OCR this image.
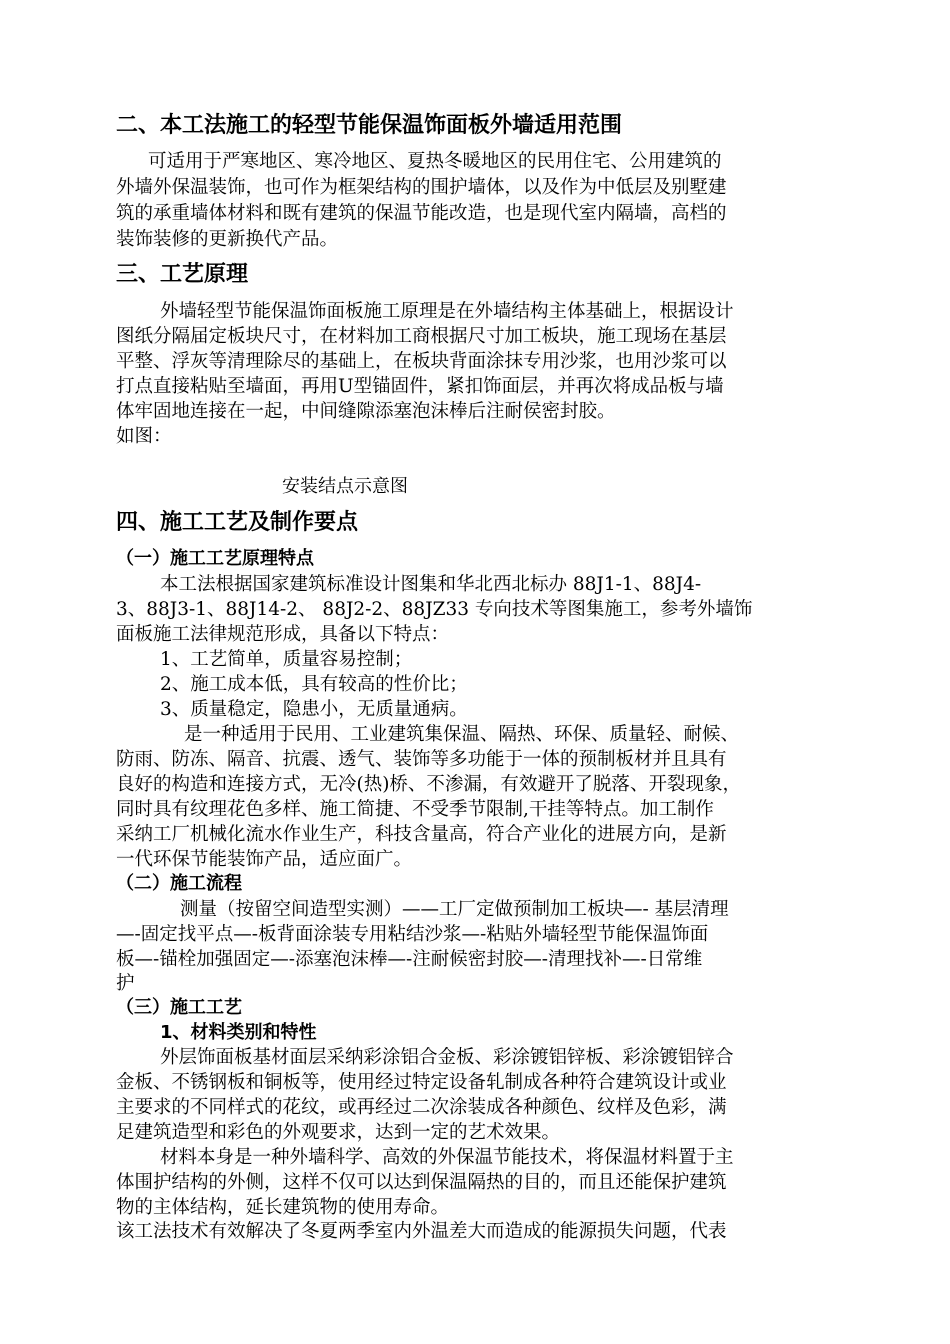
二、本工法施工的轻型节能保温饰面板外墙适用范围
可适用于严寒地区、寒冷地区、夏热冬暖地区的民用住宅、公用建筑的
外墙外保温装饰，也可作为框架结构的围护墙体，以及作为中低层及别墅建
筑的承重墙体材料和既有建筑的保温节能改造，也是现代室内隔墙，高档的
装饰装修的更新换代产品。
三、工艺原理
外墙轻型节能保温饰面板施工原理是在外墙结构主体基础上，根据设计
图纸分隔届定板块尺寸，在材料加工商根据尺寸加工板块，施工现场在基层
平整、浮灰等清理除尽的基础上，在板块背面涂抹专用沙浆，也用沙浆可以
打点直接粘贴至墙面，再用U型锚固件，紧扣饰面层，并再次将成品板与墙
体牢固地连接在一起，中间缝隙添塞泡沫棒后注耐侯密封胶。
如图：
安装结点示意图
四、施工工艺及制作要点
（一）施工工艺原理特点
本工法根据国家建筑标准设计图集和华北西北标办 88J1-1、88J4-
3、88J3-1、88J14-2、 88J2-2、88JZ33 专向技术等图集施工，参考外墙饰
面板施工法律规范形成，具备以下特点：
1、工艺简单，质量容易控制；
2、施工成本低，具有较高的性价比；
3、质量稳定，隐患小，无质量通病。
是一种适用于民用、工业建筑集保温、隔热、环保、质量轻、耐候、
防雨、防冻、隔音、抗震、透气、装饰等多功能于一体的预制板材并且具有
良好的构造和连接方式，无冷(热)桥、不渗漏，有效避开了脱落、开裂现象，
同时具有纹理花色多样、施工简捷、不受季节限制,干挂等特点。加工制作
采纳工厂机械化流水作业生产，科技含量高，符合产业化的进展方向，是新
一代环保节能装饰产品，适应面广。
（二）施工流程
测量（按留空间造型实测）——工厂定做预制加工板块—- 基层清理
—-固定找平点—-板背面涂装专用粘结沙浆—-粘贴外墙轻型节能保温饰面
板—-锚栓加强固定—-添塞泡沫棒—-注耐候密封胶—-清理找补—-日常维
护
（三）施工工艺
1、材料类别和特性
外层饰面板基材面层采纳彩涂铝合金板、彩涂镀铝锌板、彩涂镀铝锌合
金板、不锈钢板和铜板等，使用经过特定设备轧制成各种符合建筑设计或业
主要求的不同样式的花纹，或再经过二次涂装成各种颜色、纹样及色彩，满
足建筑造型和彩色的外观要求，达到一定的艺术效果。
材料本身是一种外墙科学、高效的外保温节能技术，将保温材料置于主
体围护结构的外侧，这样不仅可以达到保温隔热的目的，而且还能保护建筑
物的主体结构，延长建筑物的使用寿命。
该工法技术有效解决了冬夏两季室内外温差大而造成的能源损失问题，代表
